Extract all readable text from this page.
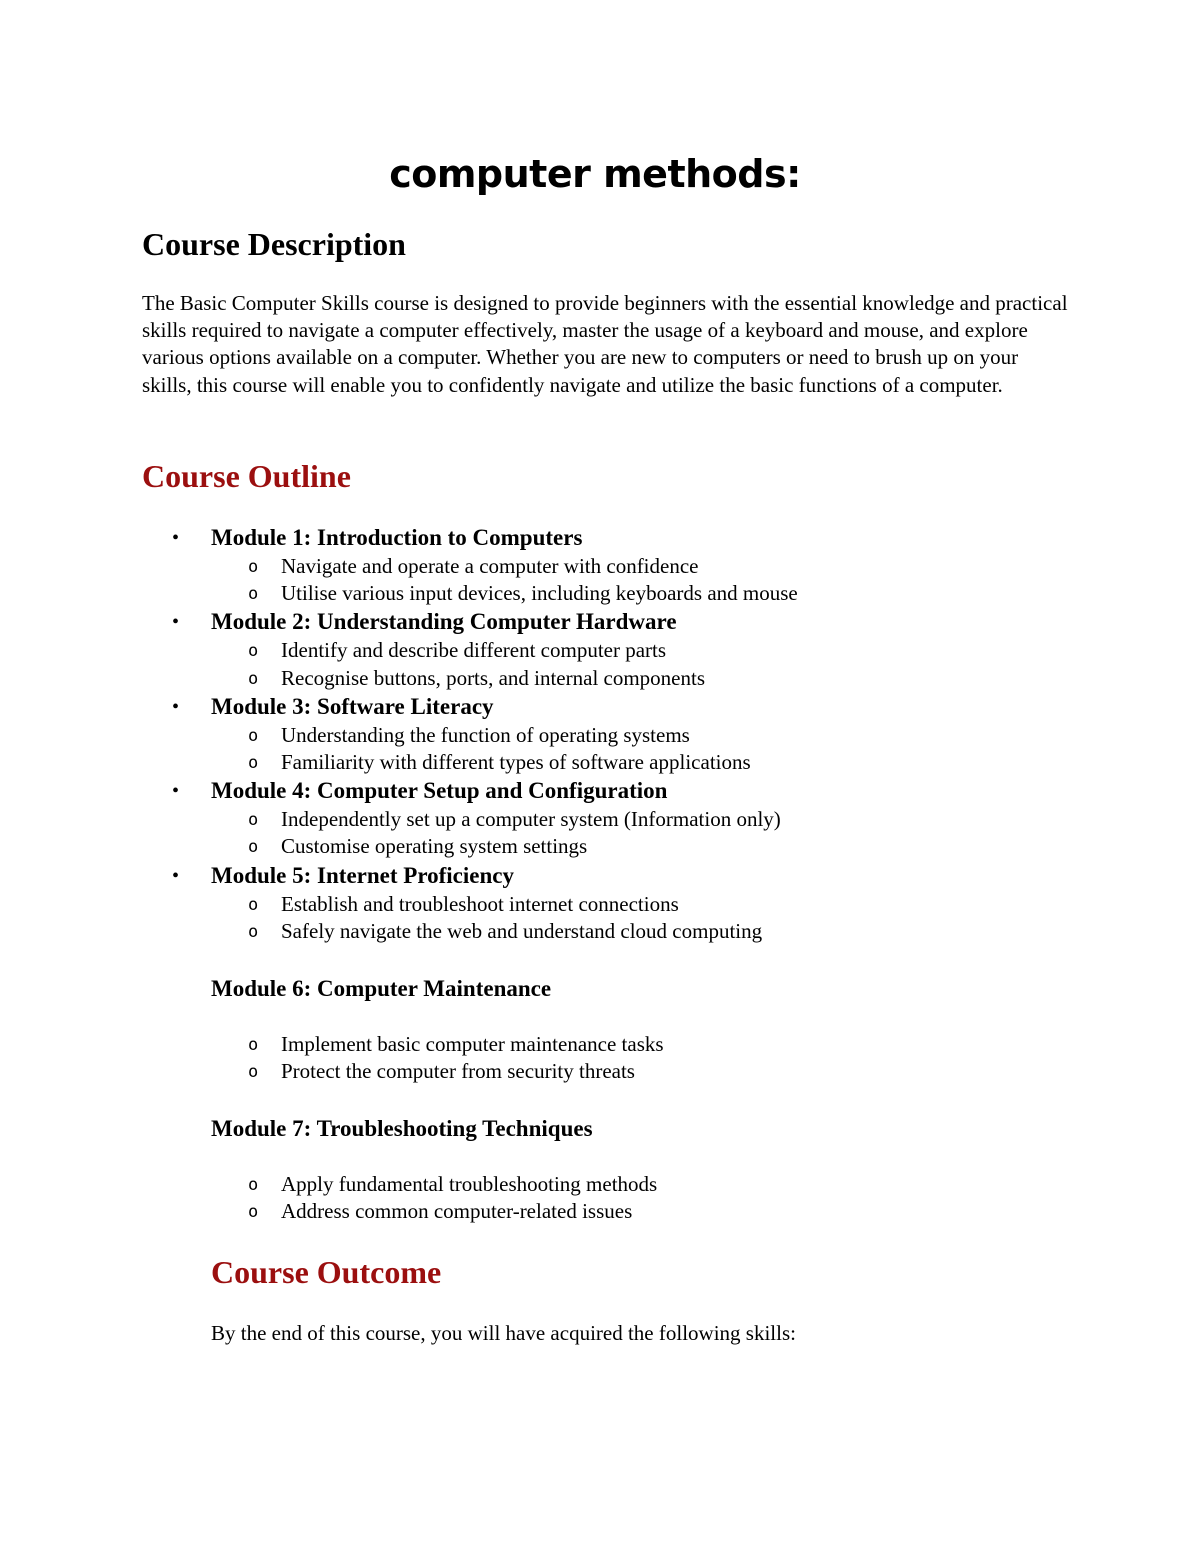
computer methods:
Course Description

The Basic Computer Skills course is designed to provide beginners with the essential knowledge and practical skills required to navigate a computer effectively, master the usage of a keyboard and mouse, and explore various options available on a computer. Whether you are new to computers or need to brush up on your skills, this course will enable you to confidently navigate and utilize the basic functions of a computer.

Course Outline
• Module 1: Introduction to Computers
o Navigate and operate a computer with confidence
o Utilise various input devices, including keyboards and mouse
• Module 2: Understanding Computer Hardware
o Identify and describe different computer parts
o Recognise buttons, ports, and internal components
• Module 3: Software Literacy
o Understanding the function of operating systems
o Familiarity with different types of software applications
• Module 4: Computer Setup and Configuration
o Independently set up a computer system (Information only)
o Customise operating system settings
• Module 5: Internet Proficiency
o Establish and troubleshoot internet connections
o Safely navigate the web and understand cloud computing
Module 6: Computer Maintenance
o Implement basic computer maintenance tasks
o Protect the computer from security threats
Module 7: Troubleshooting Techniques
o Apply fundamental troubleshooting methods
o Address common computer-related issues
Course Outcome

By the end of this course, you will have acquired the following skills:
